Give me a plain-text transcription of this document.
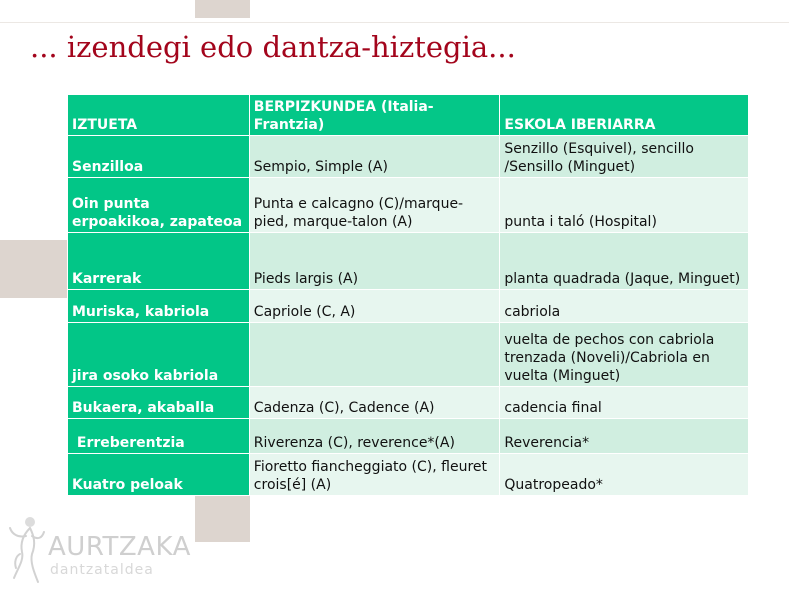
... izendegi edo dantza-hiztegia...
IZTUETA	BERPIZKUNDEA (Italia-Frantzia)	ESKOLA IBERIARRA
Senzilloa	Sempio, Simple (A)	Senzillo (Esquivel), sencillo /Sensillo (Minguet)
Oin punta erpoakikoa, zapateoa	Punta e calcagno (C)/marque-pied, marque-talon (A)	punta i taló (Hospital)
Karrerak	Pieds largis (A)	planta quadrada (Jaque, Minguet)
Muriska, kabriola	Capriole (C, A)	cabriola
jira osoko kabriola		vuelta de pechos con cabriola trenzada (Noveli)/Cabriola en vuelta (Minguet)
Bukaera, akaballa	Cadenza (C), Cadence (A)	cadencia final
Erreberentzia	Riverenza (C), reverence*(A)	Reverencia*
Kuatro peloak	Fioretto fiancheggiato (C), fleuret crois[é] (A)	Quatropeado*
AURTZAKA
dantzataldea
